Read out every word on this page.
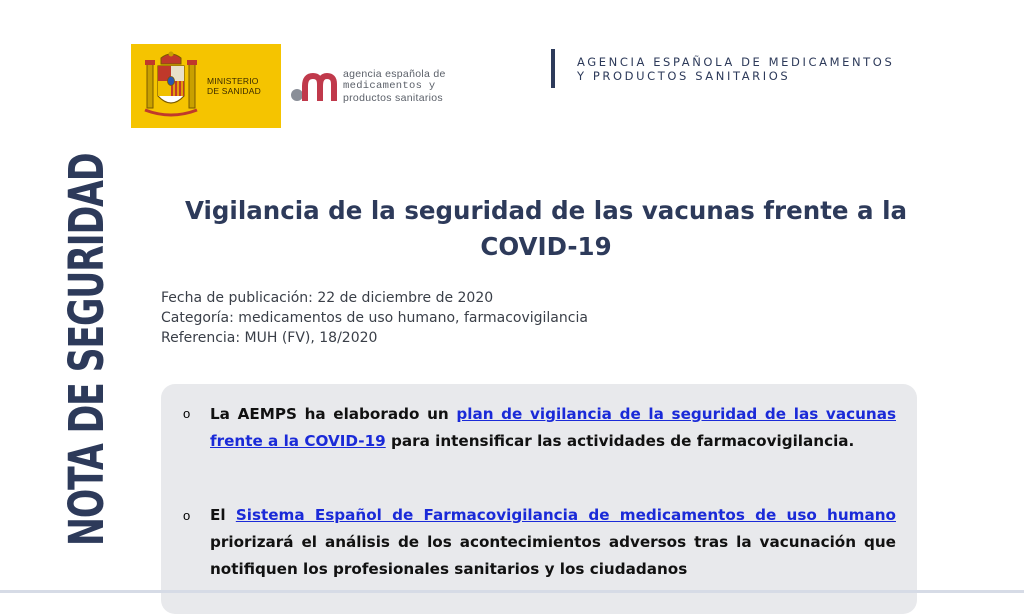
MINISTERIO
DE SANIDAD
agencia española de
medicamentos y
productos sanitarios
AGENCIA ESPAÑOLA DE MEDICAMENTOS
Y PRODUCTOS SANITARIOS
NOTA DE SEGURIDAD	Vigilancia de la seguridad de las vacunas frente a la
COVID-19
Fecha de publicación: 22 de diciembre de 2020
Categoría: medicamentos de uso humano, farmacovigilancia
Referencia: MUH (FV), 18/2020
o La AEMPS ha elaborado un plan de vigilancia de la seguridad de las vacunas frente a la COVID-19 para intensificar las actividades de farmacovigilancia.
o El Sistema Español de Farmacovigilancia de medicamentos de uso humano priorizará el análisis de los acontecimientos adversos tras la vacunación que notifiquen los profesionales sanitarios y los ciudadanos
